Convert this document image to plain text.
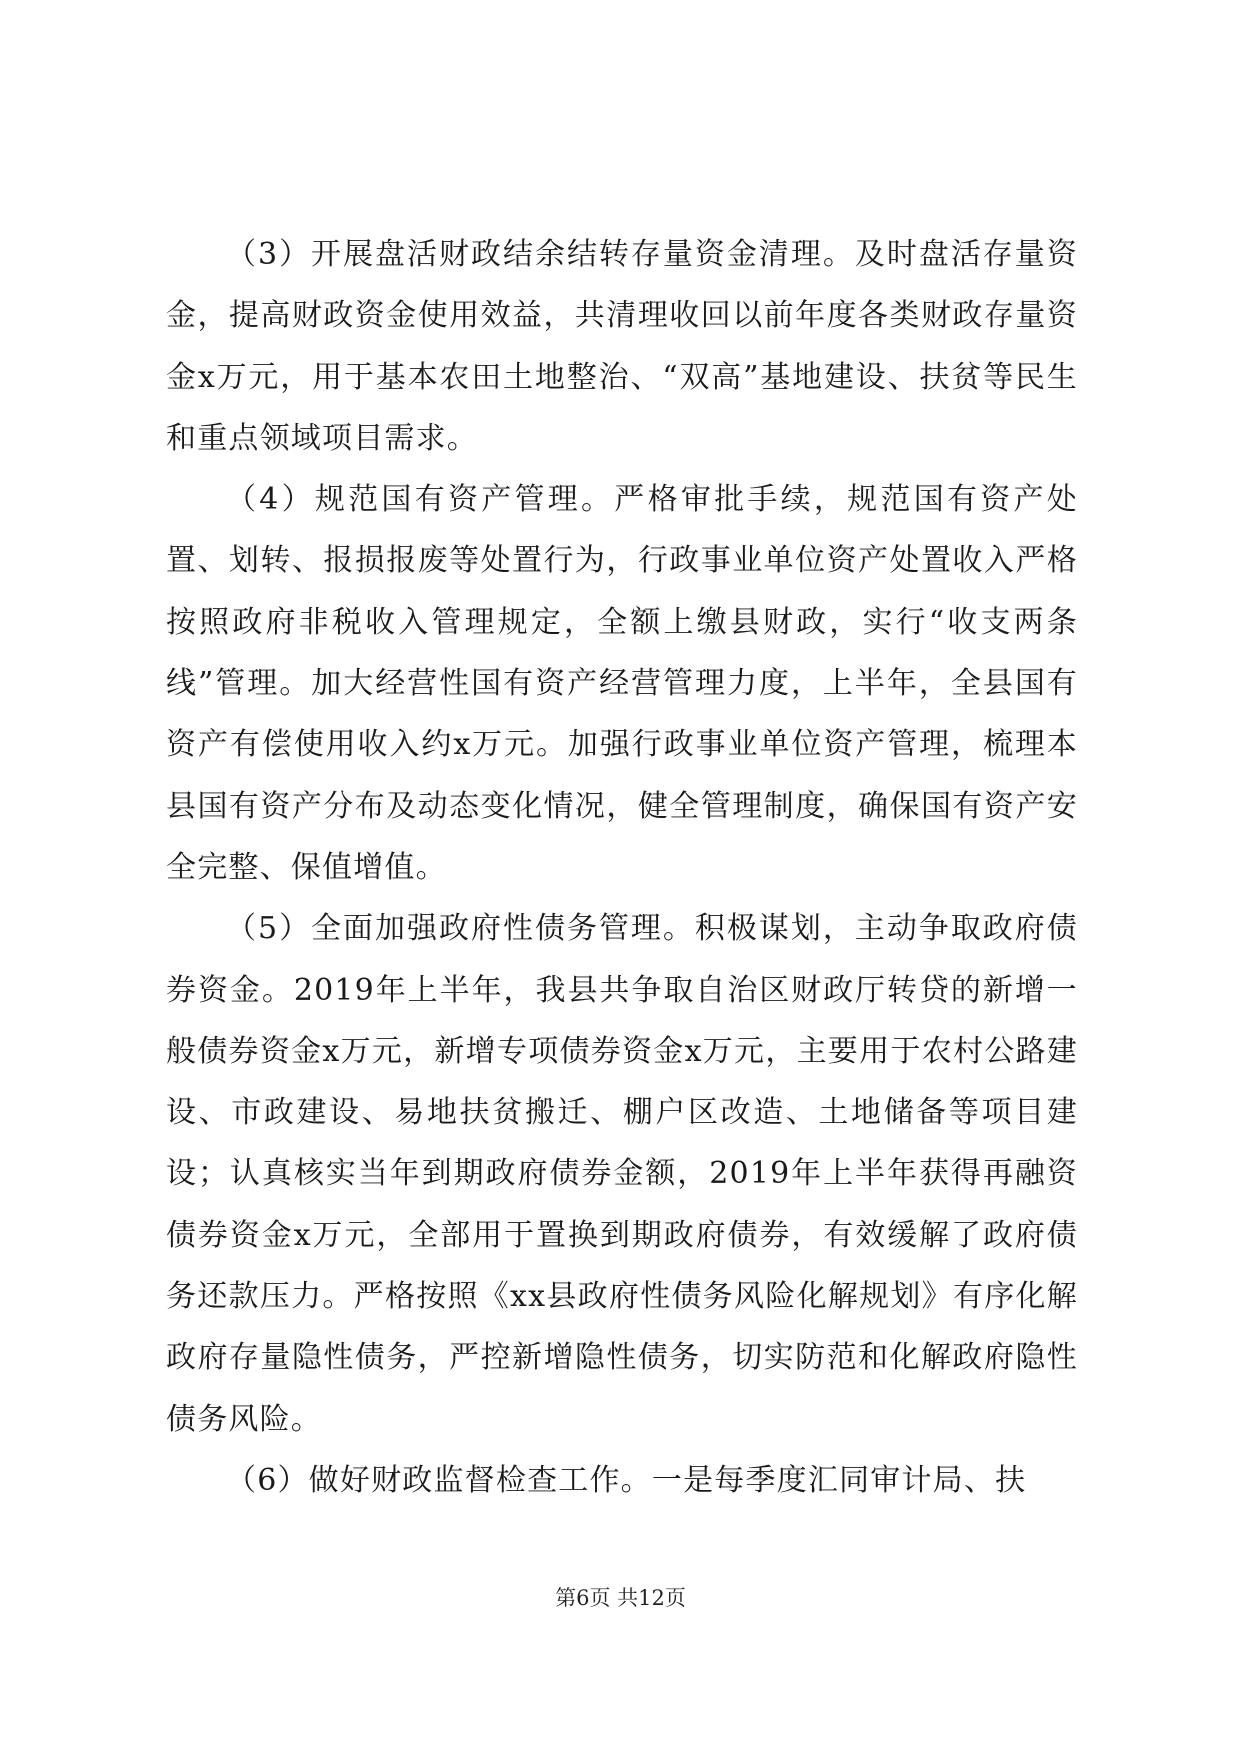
（3）开展盘活财政结余结转存量资金清理。及时盘活存量资金，提高财政资金使用效益，共清理收回以前年度各类财政存量资金x万元，用于基本农田土地整治、“双高”基地建设、扶贫等民生和重点领域项目需求。

（4）规范国有资产管理。严格审批手续，规范国有资产处置、划转、报损报废等处置行为，行政事业单位资产处置收入严格按照政府非税收入管理规定，全额上缴县财政，实行“收支两条线”管理。加大经营性国有资产经营管理力度，上半年，全县国有资产有偿使用收入约x万元。加强行政事业单位资产管理，梳理本县国有资产分布及动态变化情况，健全管理制度，确保国有资产安全完整、保值增值。

（5）全面加强政府性债务管理。积极谋划，主动争取政府债券资金。2019年上半年，我县共争取自治区财政厅转贷的新增一般债券资金x万元，新增专项债券资金x万元，主要用于农村公路建设、市政建设、易地扶贫搬迁、棚户区改造、土地储备等项目建设；认真核实当年到期政府债券金额，2019年上半年获得再融资债券资金x万元，全部用于置换到期政府债券，有效缓解了政府债务还款压力。严格按照《xx县政府性债务风险化解规划》有序化解政府存量隐性债务，严控新增隐性债务，切实防范和化解政府隐性债务风险。

（6）做好财政监督检查工作。一是每季度汇同审计局、扶

第6页 共12页
